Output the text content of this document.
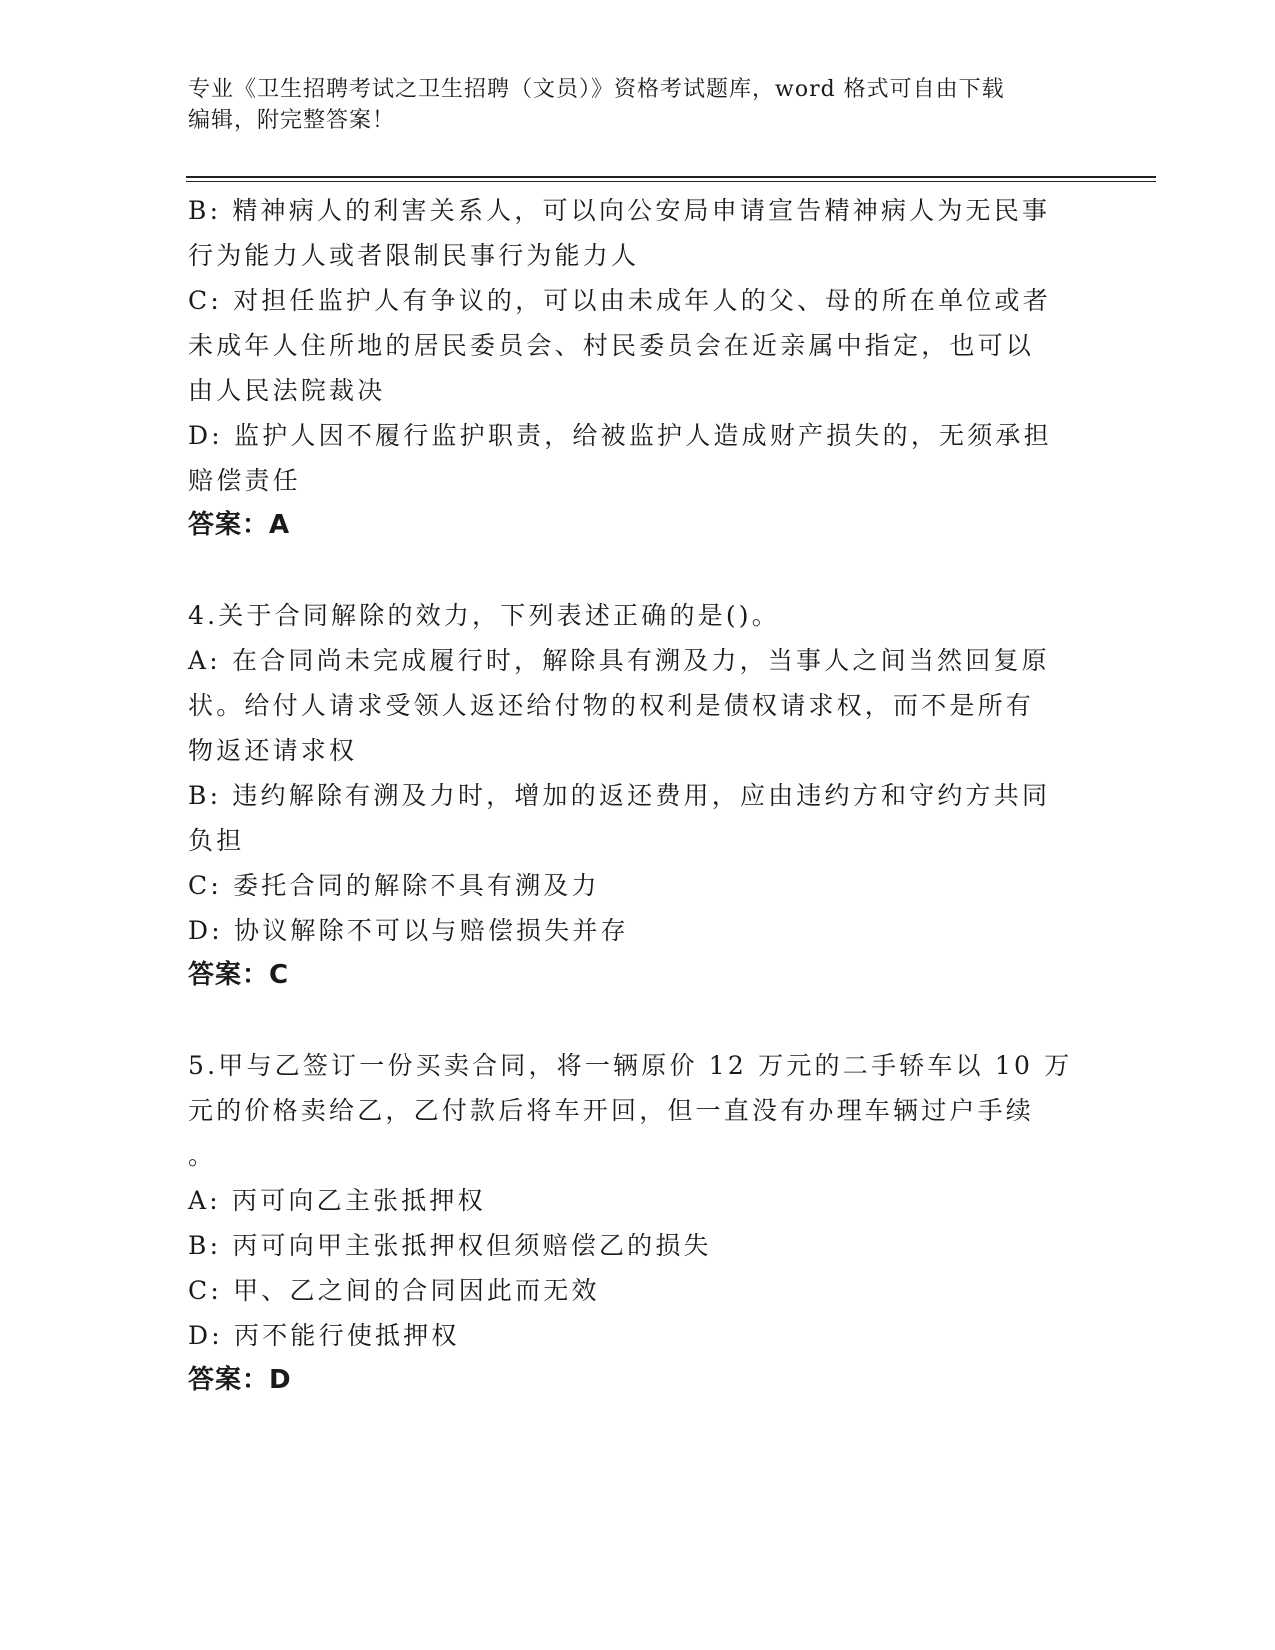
专业《卫生招聘考试之卫生招聘（文员）》资格考试题库，word 格式可自由下载
编辑，附完整答案！

B: 精神病人的利害关系人，可以向公安局申请宣告精神病人为无民事

行为能力人或者限制民事行为能力人

C: 对担任监护人有争议的，可以由未成年人的父、母的所在单位或者

未成年人住所地的居民委员会、村民委员会在近亲属中指定，也可以

由人民法院裁决

D: 监护人因不履行监护职责，给被监护人造成财产损失的，无须承担

赔偿责任

答案：A

4.关于合同解除的效力，下列表述正确的是()。

A: 在合同尚未完成履行时，解除具有溯及力，当事人之间当然回复原

状。给付人请求受领人返还给付物的权利是债权请求权，而不是所有

物返还请求权

B: 违约解除有溯及力时，增加的返还费用，应由违约方和守约方共同

负担

C: 委托合同的解除不具有溯及力

D: 协议解除不可以与赔偿损失并存

答案：C

5.甲与乙签订一份买卖合同，将一辆原价 12 万元的二手轿车以 10 万

元的价格卖给乙，乙付款后将车开回，但一直没有办理车辆过户手续

。

A: 丙可向乙主张抵押权

B: 丙可向甲主张抵押权但须赔偿乙的损失

C: 甲、乙之间的合同因此而无效

D: 丙不能行使抵押权

答案：D
